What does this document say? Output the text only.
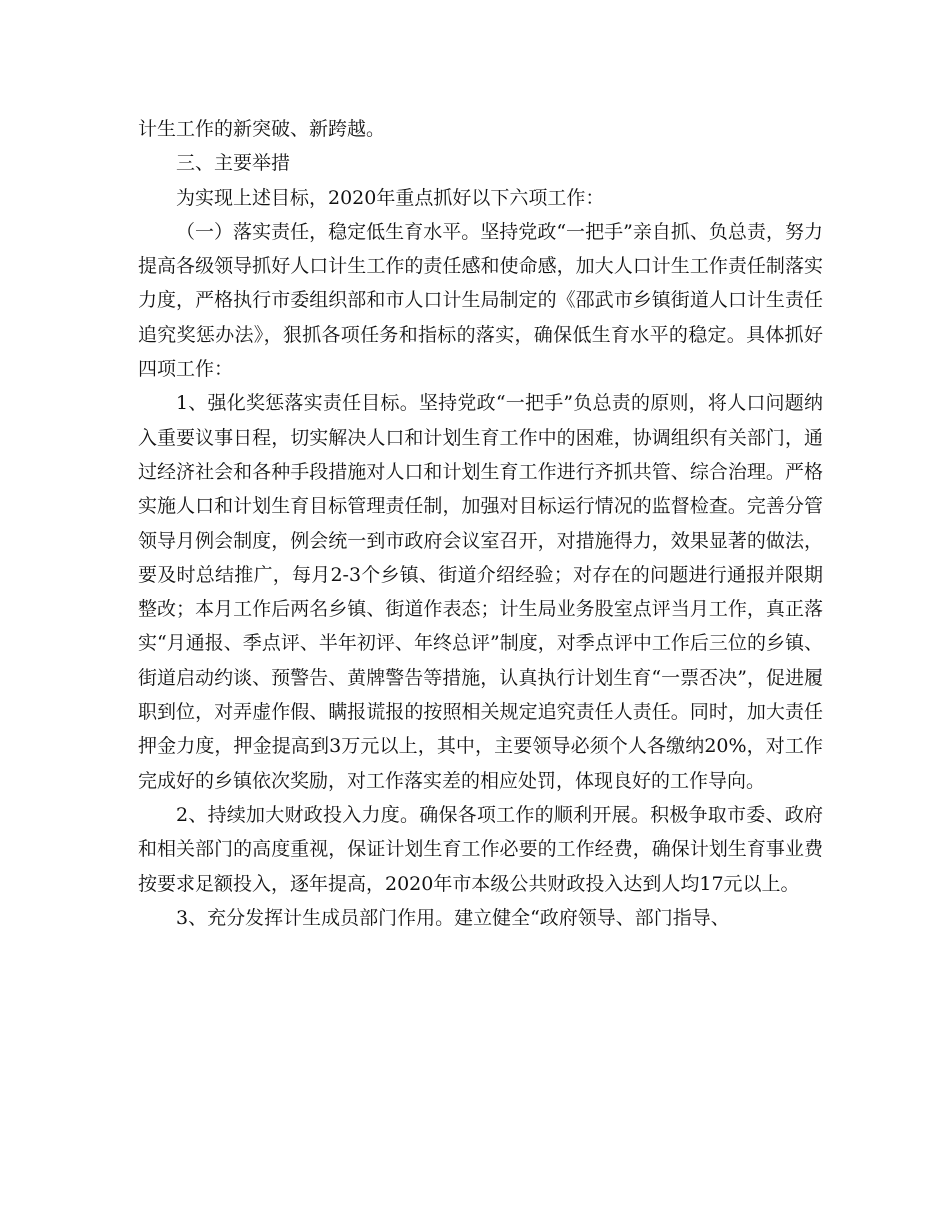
计生工作的新突破、新跨越。

三、主要举措

为实现上述目标，2020年重点抓好以下六项工作：

（一）落实责任，稳定低生育水平。坚持党政“一把手”亲自抓、负总责，努力提高各级领导抓好人口计生工作的责任感和使命感，加大人口计生工作责任制落实力度，严格执行市委组织部和市人口计生局制定的《邵武市乡镇街道人口计生责任追究奖惩办法》，狠抓各项任务和指标的落实，确保低生育水平的稳定。具体抓好四项工作：

1、强化奖惩落实责任目标。坚持党政“一把手”负总责的原则，将人口问题纳入重要议事日程，切实解决人口和计划生育工作中的困难，协调组织有关部门，通过经济社会和各种手段措施对人口和计划生育工作进行齐抓共管、综合治理。严格实施人口和计划生育目标管理责任制，加强对目标运行情况的监督检查。完善分管领导月例会制度，例会统一到市政府会议室召开，对措施得力，效果显著的做法，要及时总结推广，每月2-3个乡镇、街道介绍经验；对存在的问题进行通报并限期整改；本月工作后两名乡镇、街道作表态；计生局业务股室点评当月工作，真正落实“月通报、季点评、半年初评、年终总评”制度，对季点评中工作后三位的乡镇、街道启动约谈、预警告、黄牌警告等措施，认真执行计划生育“一票否决”，促进履职到位，对弄虚作假、瞒报谎报的按照相关规定追究责任人责任。同时，加大责任押金力度，押金提高到3万元以上，其中，主要领导必须个人各缴纳20%，对工作完成好的乡镇依次奖励，对工作落实差的相应处罚，体现良好的工作导向。

2、持续加大财政投入力度。确保各项工作的顺利开展。积极争取市委、政府和相关部门的高度重视，保证计划生育工作必要的工作经费，确保计划生育事业费按要求足额投入，逐年提高，2020年市本级公共财政投入达到人均17元以上。

3、充分发挥计生成员部门作用。建立健全“政府领导、部门指导、
